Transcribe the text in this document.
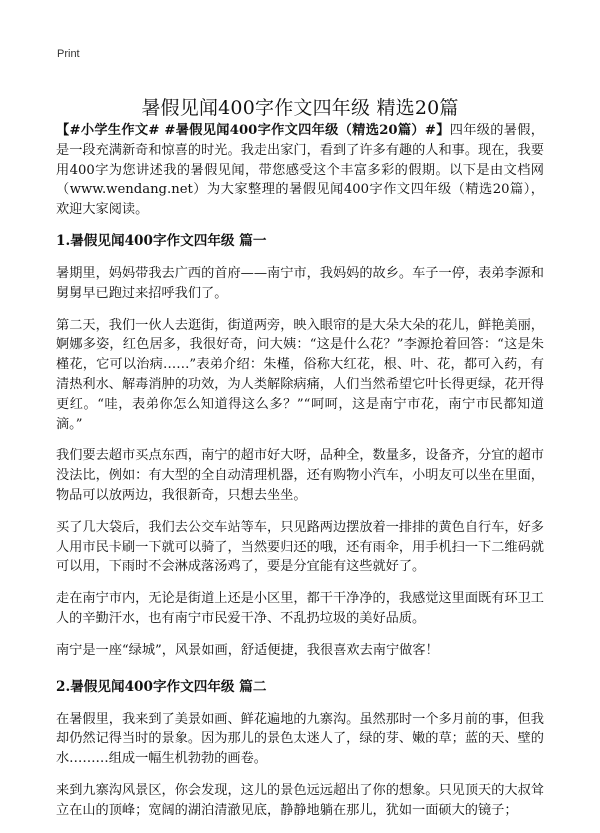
Print
暑假见闻400字作文四年级 精选20篇

【#小学生作文# #暑假见闻400字作文四年级（精选20篇）#】四年级的暑假，是一段充满新奇和惊喜的时光。我走出家门，看到了许多有趣的人和事。现在，我要用400字为您讲述我的暑假见闻，带您感受这个丰富多彩的假期。以下是由文档网（www.wendang.net）为大家整理的暑假见闻400字作文四年级（精选20篇），欢迎大家阅读。

1.暑假见闻400字作文四年级 篇一

暑期里，妈妈带我去广西的首府——南宁市，我妈妈的故乡。车子一停，表弟李源和舅舅早已跑过来招呼我们了。

第二天，我们一伙人去逛街，街道两旁，映入眼帘的是大朵大朵的花儿，鲜艳美丽，婀娜多姿，红色居多，我很好奇，问大姨：“这是什么花？”李源抢着回答：“这是朱槿花，它可以治病……”表弟介绍：朱槿，俗称大红花，根、叶、花，都可入药，有清热利水、解毒消肿的功效，为人类解除病痛，人们当然希望它叶长得更绿，花开得更红。“哇，表弟你怎么知道得这么多？”“呵呵，这是南宁市花，南宁市民都知道滴。”

我们要去超市买点东西，南宁的超市好大呀，品种全，数量多，设备齐，分宜的超市没法比，例如：有大型的全自动清理机器，还有购物小汽车，小明友可以坐在里面，物品可以放两边，我很新奇，只想去坐坐。

买了几大袋后，我们去公交车站等车，只见路两边摆放着一排排的黄色自行车，好多人用市民卡刷一下就可以骑了，当然要归还的哦，还有雨伞，用手机扫一下二维码就可以用，下雨时不会淋成落汤鸡了，要是分宜能有这些就好了。

走在南宁市内，无论是街道上还是小区里，都干干净净的，我感觉这里面既有环卫工人的辛勤汗水，也有南宁市民爱干净、不乱扔垃圾的美好品质。

南宁是一座“绿城”，风景如画，舒适便捷，我很喜欢去南宁做客！

2.暑假见闻400字作文四年级 篇二

在暑假里，我来到了美景如画、鲜花遍地的九寨沟。虽然那时一个多月前的事，但我却仍然记得当时的景象。因为那儿的景色太迷人了，绿的芽、嫩的草；蓝的天、壁的水………组成一幅生机勃勃的画卷。

来到九寨沟风景区，你会发现，这儿的景色远远超出了你的想象。只见顶天的大叔耸立在山的顶峰；宽阔的湖泊清澈见底，静静地躺在那儿，犹如一面硕大的镜子；
